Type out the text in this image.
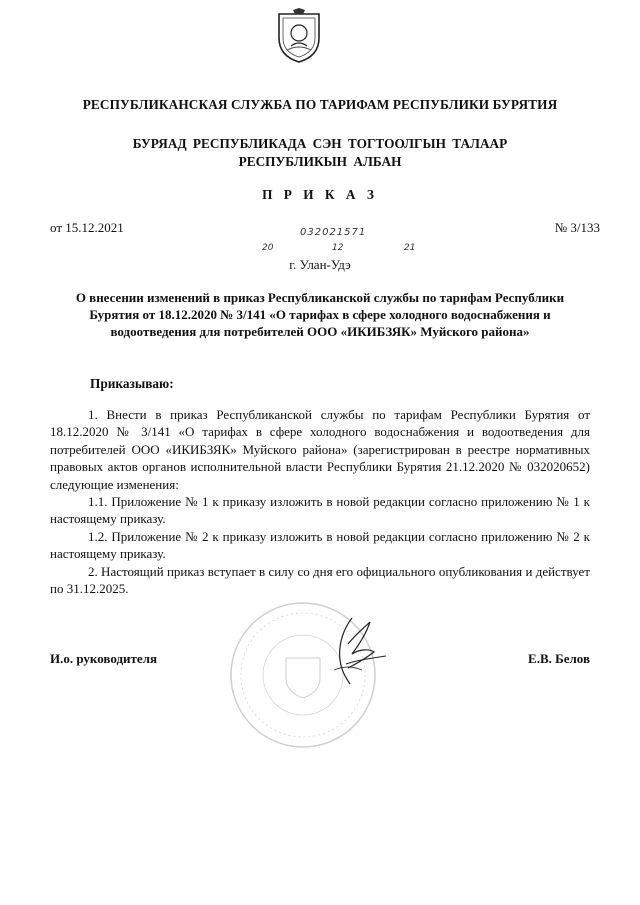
РЕСПУБЛИКАНСКАЯ СЛУЖБА ПО ТАРИФАМ РЕСПУБЛИКИ БУРЯТИЯ
БУРЯАД РЕСПУБЛИКАДА СЭН ТОГТООЛГЫН ТАЛААР
РЕСПУБЛИКЫН АЛБАН
П Р И К А З
от 15.12.2021	№ 3/133
032021571
20	12	21
г. Улан-Удэ
О внесении изменений в приказ Республиканской службы по тарифам Республики Бурятия от 18.12.2020 № 3/141 «О тарифах в сфере холодного водоснабжения и водоотведения для потребителей ООО «ИКИБЗЯК» Муйского района»
Приказываю:

1. Внести в приказ Республиканской службы по тарифам Республики Бурятия от 18.12.2020 № 3/141 «О тарифах в сфере холодного водоснабжения и водоотведения для потребителей ООО «ИКИБЗЯК» Муйского района» (зарегистрирован в реестре нормативных правовых актов органов исполнительной власти Республики Бурятия 21.12.2020 № 032020652) следующие изменения:

1.1. Приложение № 1 к приказу изложить в новой редакции согласно приложению № 1 к настоящему приказу.

1.2. Приложение № 2 к приказу изложить в новой редакции согласно приложению № 2 к настоящему приказу.

2. Настоящий приказ вступает в силу со дня его официального опубликования и действует по 31.12.2025.

И.о. руководителя	Е.В. Белов
